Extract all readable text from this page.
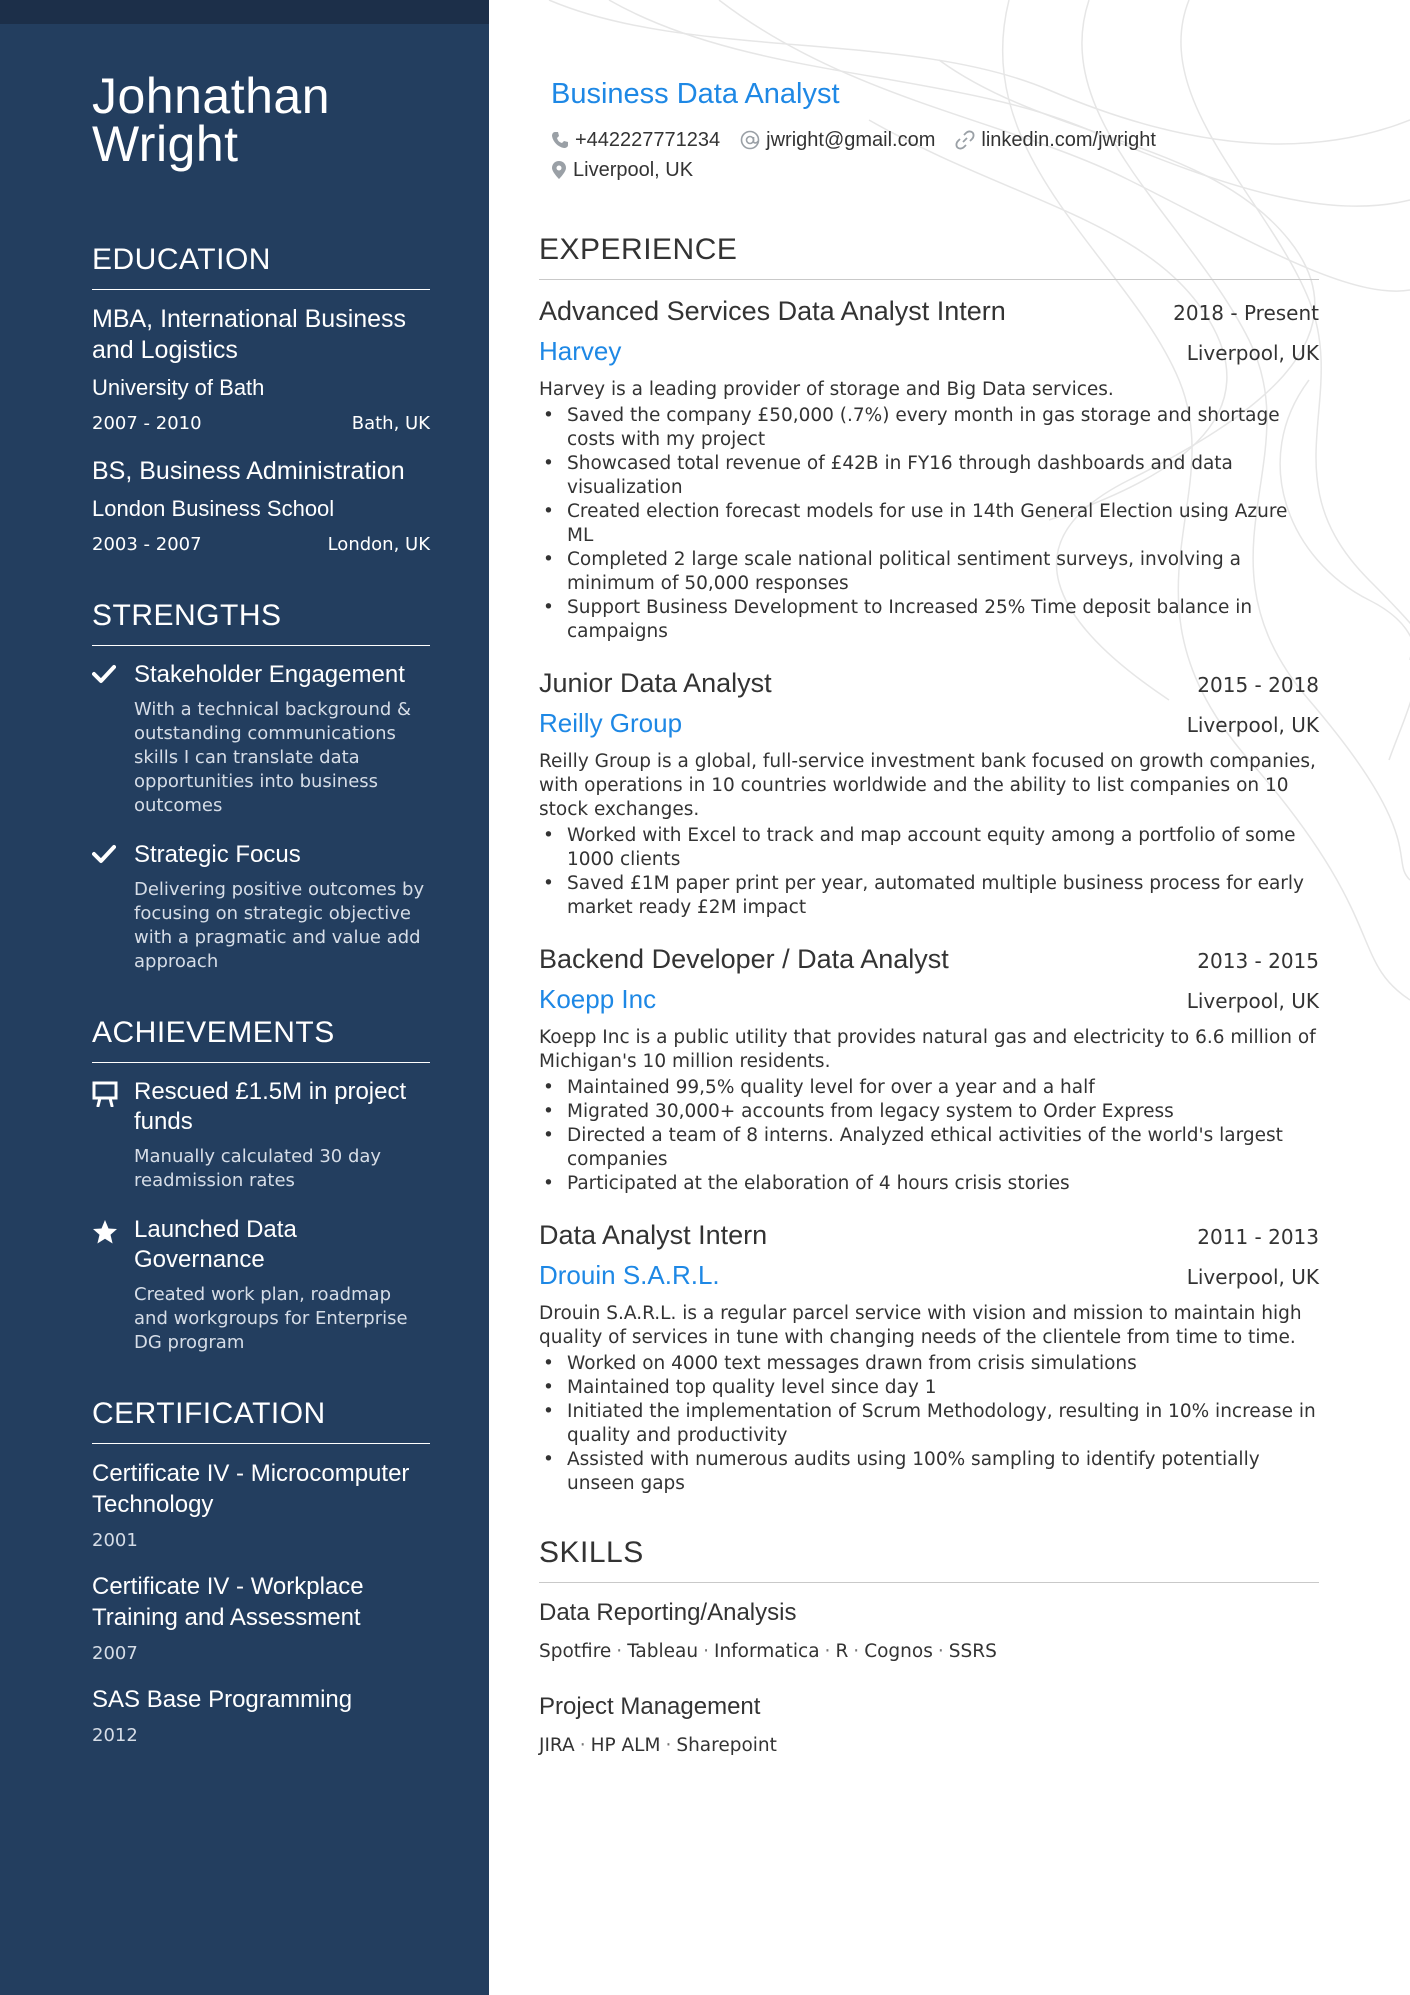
Johnathan
Wright
EDUCATION
MBA, International Business and Logistics
University of Bath
2007 - 2010	Bath, UK
BS, Business Administration
London Business School
2003 - 2007	London, UK
STRENGTHS
Stakeholder Engagement
With a technical background & outstanding communications skills I can translate data opportunities into business outcomes
Strategic Focus
Delivering positive outcomes by focusing on strategic objective with a pragmatic and value add approach
ACHIEVEMENTS
Rescued £1.5M in project funds
Manually calculated 30 day readmission rates
Launched Data Governance
Created work plan, roadmap and workgroups for Enterprise DG program
CERTIFICATION
Certificate IV - Microcomputer Technology
2001
Certificate IV - Workplace Training and Assessment
2007
SAS Base Programming
2012
Business Data Analyst
+442227771234 jwright@gmail.com linkedin.com/jwright
Liverpool, UK
EXPERIENCE
Advanced Services Data Analyst Intern	2018 - Present
Harvey	Liverpool, UK
Harvey is a leading provider of storage and Big Data services.
• Saved the company £50,000 (.7%) every month in gas storage and shortage costs with my project
• Showcased total revenue of £42B in FY16 through dashboards and data visualization
• Created election forecast models for use in 14th General Election using Azure ML
• Completed 2 large scale national political sentiment surveys, involving a minimum of 50,000 responses
• Support Business Development to Increased 25% Time deposit balance in campaigns
Junior Data Analyst	2015 - 2018
Reilly Group	Liverpool, UK
Reilly Group is a global, full-service investment bank focused on growth companies, with operations in 10 countries worldwide and the ability to list companies on 10 stock exchanges.
• Worked with Excel to track and map account equity among a portfolio of some 1000 clients
• Saved £1M paper print per year, automated multiple business process for early market ready £2M impact
Backend Developer / Data Analyst	2013 - 2015
Koepp Inc	Liverpool, UK
Koepp Inc is a public utility that provides natural gas and electricity to 6.6 million of Michigan's 10 million residents.
• Maintained 99,5% quality level for over a year and a half
• Migrated 30,000+ accounts from legacy system to Order Express
• Directed a team of 8 interns. Analyzed ethical activities of the world's largest companies
• Participated at the elaboration of 4 hours crisis stories
Data Analyst Intern	2011 - 2013
Drouin S.A.R.L.	Liverpool, UK
Drouin S.A.R.L. is a regular parcel service with vision and mission to maintain high quality of services in tune with changing needs of the clientele from time to time.
• Worked on 4000 text messages drawn from crisis simulations
• Maintained top quality level since day 1
• Initiated the implementation of Scrum Methodology, resulting in 10% increase in quality and productivity
• Assisted with numerous audits using 100% sampling to identify potentially unseen gaps
SKILLS
Data Reporting/Analysis
Spotfire · Tableau · Informatica · R · Cognos · SSRS
Project Management
JIRA · HP ALM · Sharepoint
